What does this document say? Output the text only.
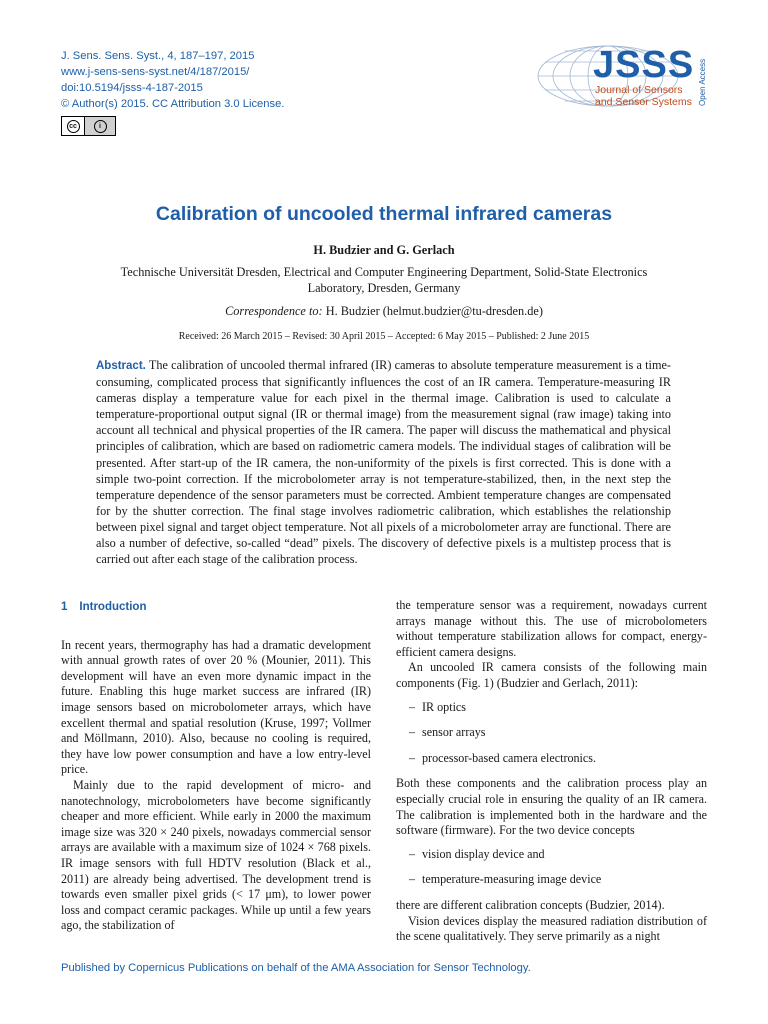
J. Sens. Sens. Syst., 4, 187–197, 2015
www.j-sens-sens-syst.net/4/187/2015/
doi:10.5194/jsss-4-187-2015
© Author(s) 2015. CC Attribution 3.0 License.
cc	i
JSSS
Journal of Sensors
and Sensor Systems Open Access
Calibration of uncooled thermal infrared cameras
H. Budzier and G. Gerlach
Technische Universität Dresden, Electrical and Computer Engineering Department, Solid-State Electronics Laboratory, Dresden, Germany
Correspondence to: H. Budzier (helmut.budzier@tu-dresden.de)
Received: 26 March 2015 – Revised: 30 April 2015 – Accepted: 6 May 2015 – Published: 2 June 2015

Abstract. The calibration of uncooled thermal infrared (IR) cameras to absolute temperature measurement is a time-consuming, complicated process that significantly influences the cost of an IR camera. Temperature-measuring IR cameras display a temperature value for each pixel in the thermal image. Calibration is used to calculate a temperature-proportional output signal (IR or thermal image) from the measurement signal (raw image) taking into account all technical and physical properties of the IR camera. The paper will discuss the mathematical and physical principles of calibration, which are based on radiometric camera models. The individual stages of calibration will be presented. After start-up of the IR camera, the non-uniformity of the pixels is first corrected. This is done with a simple two-point correction. If the microbolometer array is not temperature-stabilized, then, in the next step the temperature dependence of the sensor parameters must be corrected. Ambient temperature changes are compensated for by the shutter correction. The final stage involves radiometric calibration, which establishes the relationship between pixel signal and target object temperature. Not all pixels of a microbolometer array are functional. There are also a number of defective, so-called “dead” pixels. The discovery of defective pixels is a multistep process that is carried out after each stage of the calibration process.

1 Introduction

In recent years, thermography has had a dramatic development with annual growth rates of over 20 % (Mounier, 2011). This development will have an even more dynamic impact in the future. Enabling this huge market success are infrared (IR) image sensors based on microbolometer arrays, which have excellent thermal and spatial resolution (Kruse, 1997; Vollmer and Möllmann, 2010). Also, because no cooling is required, they have low power consumption and have a low entry-level price.

Mainly due to the rapid development of micro- and nanotechnology, microbolometers have become significantly cheaper and more efficient. While early in 2000 the maximum image size was 320 × 240 pixels, nowadays commercial sensor arrays are available with a maximum size of 1024 × 768 pixels. IR image sensors with full HDTV resolution (Black et al., 2011) are already being advertised. The development trend is towards even smaller pixel grids (< 17 μm), to lower power loss and compact ceramic packages. While up until a few years ago, the stabilization of

the temperature sensor was a requirement, nowadays current arrays manage without this. The use of microbolometers without temperature stabilization allows for compact, energy-efficient camera designs.

An uncooled IR camera consists of the following main components (Fig. 1) (Budzier and Gerlach, 2011):

– IR optics
– sensor arrays
– processor-based camera electronics.

Both these components and the calibration process play an especially crucial role in ensuring the quality of an IR camera. The calibration is implemented both in the hardware and the software (firmware). For the two device concepts

– vision display device and
– temperature-measuring image device

there are different calibration concepts (Budzier, 2014).

Vision devices display the measured radiation distribution of the scene qualitatively. They serve primarily as a night

Published by Copernicus Publications on behalf of the AMA Association for Sensor Technology.
